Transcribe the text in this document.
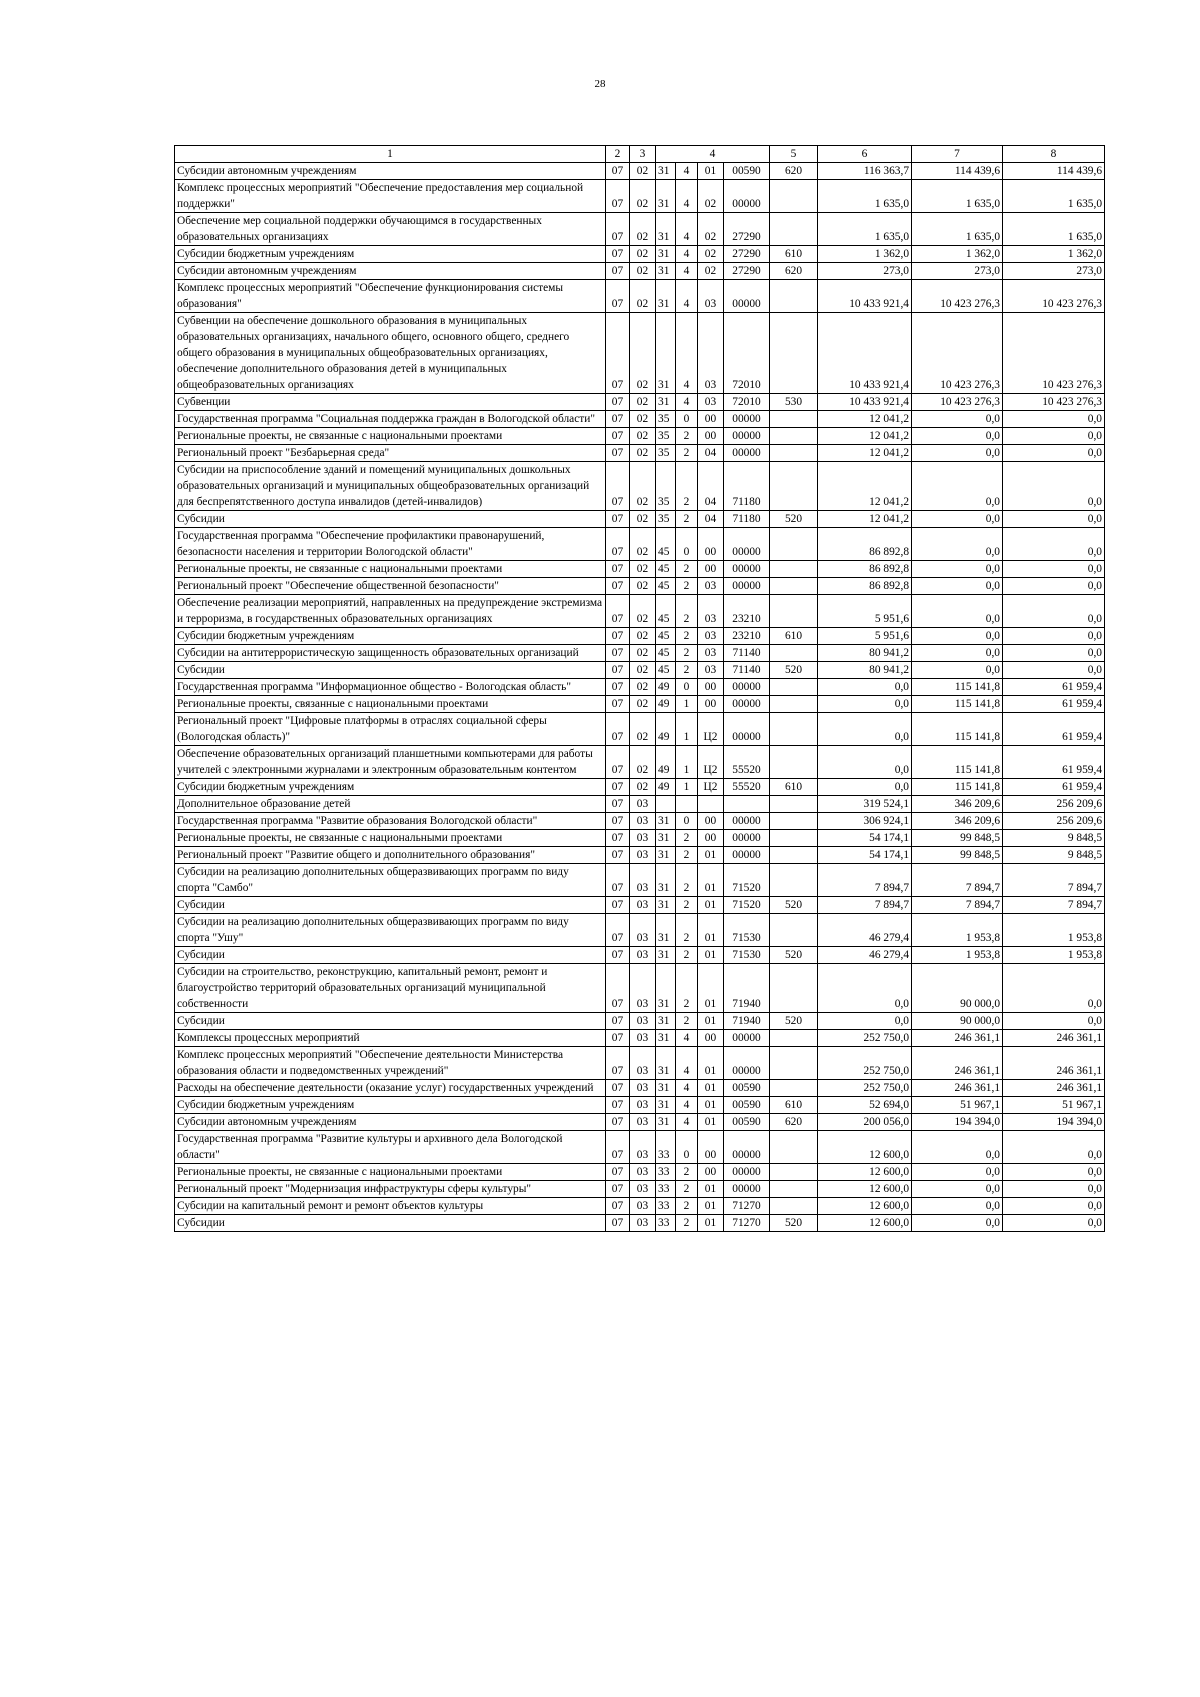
28
1	2	3	4				5	6	7	8
Субсидии автономным учреждениям	07	02	31	4	01	00590	620	116 363,7	114 439,6	114 439,6
Комплекс процессных мероприятий "Обеспечение предоставления мер социальной поддержки"	07	02	31	4	02	00000		1 635,0	1 635,0	1 635,0
Обеспечение мер социальной поддержки обучающимся в государственных образовательных организациях	07	02	31	4	02	27290		1 635,0	1 635,0	1 635,0
Субсидии бюджетным учреждениям	07	02	31	4	02	27290	610	1 362,0	1 362,0	1 362,0
Субсидии автономным учреждениям	07	02	31	4	02	27290	620	273,0	273,0	273,0
Комплекс процессных мероприятий "Обеспечение функционирования системы образования"	07	02	31	4	03	00000		10 433 921,4	10 423 276,3	10 423 276,3
Субвенции на обеспечение дошкольного образования в муниципальных образовательных организациях, начального общего, основного общего, среднего общего образования в муниципальных общеобразовательных организациях, обеспечение дополнительного образования детей в муниципальных общеобразовательных организациях	07	02	31	4	03	72010		10 433 921,4	10 423 276,3	10 423 276,3
Субвенции	07	02	31	4	03	72010	530	10 433 921,4	10 423 276,3	10 423 276,3
Государственная программа "Социальная поддержка граждан в Вологодской области"	07	02	35	0	00	00000		12 041,2	0,0	0,0
Региональные проекты, не связанные с национальными проектами	07	02	35	2	00	00000		12 041,2	0,0	0,0
Региональный проект "Безбарьерная среда"	07	02	35	2	04	00000		12 041,2	0,0	0,0
Субсидии на приспособление зданий и помещений муниципальных дошкольных образовательных организаций и муниципальных общеобразовательных организаций для беспрепятственного доступа инвалидов (детей-инвалидов)	07	02	35	2	04	71180		12 041,2	0,0	0,0
Субсидии	07	02	35	2	04	71180	520	12 041,2	0,0	0,0
Государственная программа "Обеспечение профилактики правонарушений, безопасности населения и территории Вологодской области"	07	02	45	0	00	00000		86 892,8	0,0	0,0
Региональные проекты, не связанные с национальными проектами	07	02	45	2	00	00000		86 892,8	0,0	0,0
Региональный проект "Обеспечение общественной безопасности"	07	02	45	2	03	00000		86 892,8	0,0	0,0
Обеспечение реализации мероприятий, направленных на предупреждение экстремизма и терроризма, в государственных образовательных организациях	07	02	45	2	03	23210		5 951,6	0,0	0,0
Субсидии бюджетным учреждениям	07	02	45	2	03	23210	610	5 951,6	0,0	0,0
Субсидии на антитеррористическую защищенность образовательных организаций	07	02	45	2	03	71140		80 941,2	0,0	0,0
Субсидии	07	02	45	2	03	71140	520	80 941,2	0,0	0,0
Государственная программа "Информационное общество - Вологодская область"	07	02	49	0	00	00000		0,0	115 141,8	61 959,4
Региональные проекты, связанные с национальными проектами	07	02	49	1	00	00000		0,0	115 141,8	61 959,4
Региональный проект "Цифровые платформы в отраслях социальной сферы (Вологодская область)"	07	02	49	1	Ц2	00000		0,0	115 141,8	61 959,4
Обеспечение образовательных организаций планшетными компьютерами для работы учителей с электронными журналами и электронным образовательным контентом	07	02	49	1	Ц2	55520		0,0	115 141,8	61 959,4
Субсидии бюджетным учреждениям	07	02	49	1	Ц2	55520	610	0,0	115 141,8	61 959,4
Дополнительное образование детей	07	03						319 524,1	346 209,6	256 209,6
Государственная программа "Развитие образования Вологодской области"	07	03	31	0	00	00000		306 924,1	346 209,6	256 209,6
Региональные проекты, не связанные с национальными проектами	07	03	31	2	00	00000		54 174,1	99 848,5	9 848,5
Региональный проект "Развитие общего и дополнительного образования"	07	03	31	2	01	00000		54 174,1	99 848,5	9 848,5
Субсидии на реализацию дополнительных общеразвивающих программ по виду спорта "Самбо"	07	03	31	2	01	71520		7 894,7	7 894,7	7 894,7
Субсидии	07	03	31	2	01	71520	520	7 894,7	7 894,7	7 894,7
Субсидии на реализацию дополнительных общеразвивающих программ по виду спорта "Ушу"	07	03	31	2	01	71530		46 279,4	1 953,8	1 953,8
Субсидии	07	03	31	2	01	71530	520	46 279,4	1 953,8	1 953,8
Субсидии на строительство, реконструкцию, капитальный ремонт, ремонт и благоустройство территорий образовательных организаций муниципальной собственности	07	03	31	2	01	71940		0,0	90 000,0	0,0
Субсидии	07	03	31	2	01	71940	520	0,0	90 000,0	0,0
Комплексы процессных мероприятий	07	03	31	4	00	00000		252 750,0	246 361,1	246 361,1
Комплекс процессных мероприятий "Обеспечение деятельности Министерства образования области и подведомственных учреждений"	07	03	31	4	01	00000		252 750,0	246 361,1	246 361,1
Расходы на обеспечение деятельности (оказание услуг) государственных учреждений	07	03	31	4	01	00590		252 750,0	246 361,1	246 361,1
Субсидии бюджетным учреждениям	07	03	31	4	01	00590	610	52 694,0	51 967,1	51 967,1
Субсидии автономным учреждениям	07	03	31	4	01	00590	620	200 056,0	194 394,0	194 394,0
Государственная программа "Развитие культуры и архивного дела Вологодской области"	07	03	33	0	00	00000		12 600,0	0,0	0,0
Региональные проекты, не связанные с национальными проектами	07	03	33	2	00	00000		12 600,0	0,0	0,0
Региональный проект "Модернизация инфраструктуры сферы культуры"	07	03	33	2	01	00000		12 600,0	0,0	0,0
Субсидии на капитальный ремонт и ремонт объектов культуры	07	03	33	2	01	71270		12 600,0	0,0	0,0
Субсидии	07	03	33	2	01	71270	520	12 600,0	0,0	0,0
